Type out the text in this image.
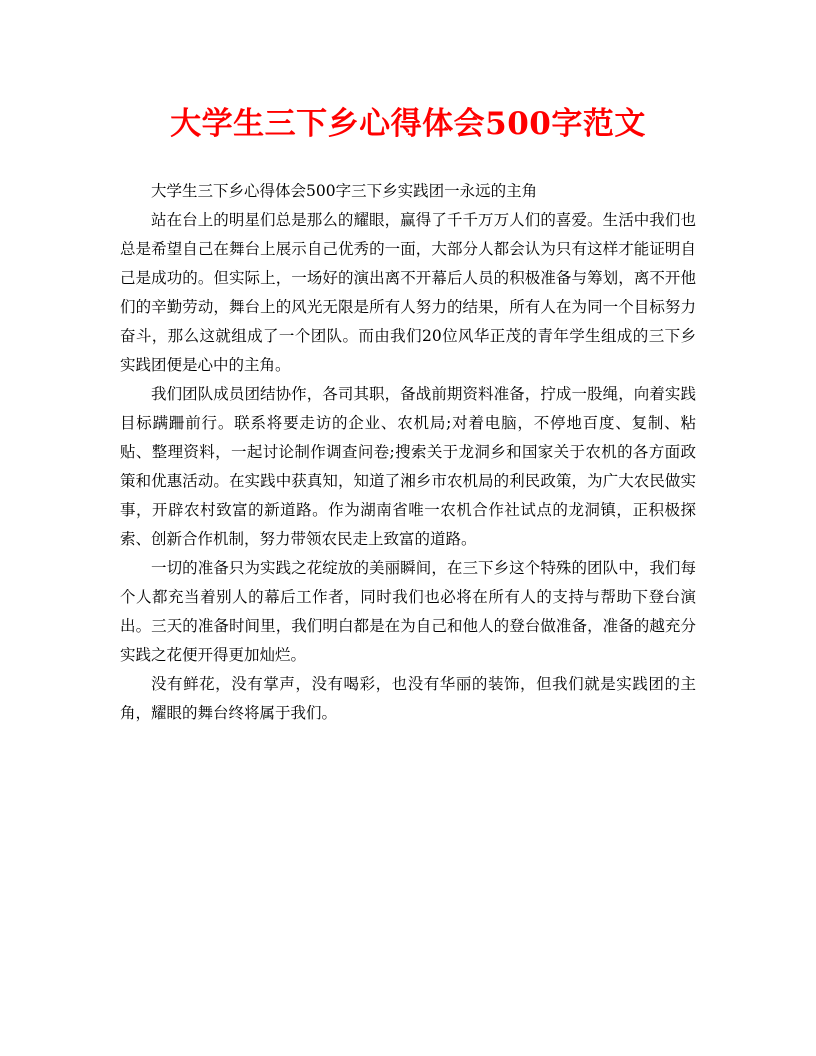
大学生三下乡心得体会500字范文

大学生三下乡心得体会500字三下乡实践团一永远的主角

站在台上的明星们总是那么的耀眼，赢得了千千万万人们的喜爱。生活中我们也总是希望自己在舞台上展示自己优秀的一面，大部分人都会认为只有这样才能证明自己是成功的。但实际上，一场好的演出离不开幕后人员的积极准备与筹划，离不开他们的辛勤劳动，舞台上的风光无限是所有人努力的结果，所有人在为同一个目标努力奋斗，那么这就组成了一个团队。而由我们20位风华正茂的青年学生组成的三下乡实践团便是心中的主角。

我们团队成员团结协作，各司其职，备战前期资料准备，拧成一股绳，向着实践目标蹒跚前行。联系将要走访的企业、农机局;对着电脑，不停地百度、复制、粘贴、整理资料，一起讨论制作调查问卷;搜索关于龙洞乡和国家关于农机的各方面政策和优惠活动。在实践中获真知，知道了湘乡市农机局的利民政策，为广大农民做实事，开辟农村致富的新道路。作为湖南省唯一农机合作社试点的龙洞镇，正积极探索、创新合作机制，努力带领农民走上致富的道路。

一切的准备只为实践之花绽放的美丽瞬间，在三下乡这个特殊的团队中，我们每个人都充当着别人的幕后工作者，同时我们也必将在所有人的支持与帮助下登台演出。三天的准备时间里，我们明白都是在为自己和他人的登台做准备，准备的越充分实践之花便开得更加灿烂。

没有鲜花，没有掌声，没有喝彩，也没有华丽的装饰，但我们就是实践团的主角，耀眼的舞台终将属于我们。
